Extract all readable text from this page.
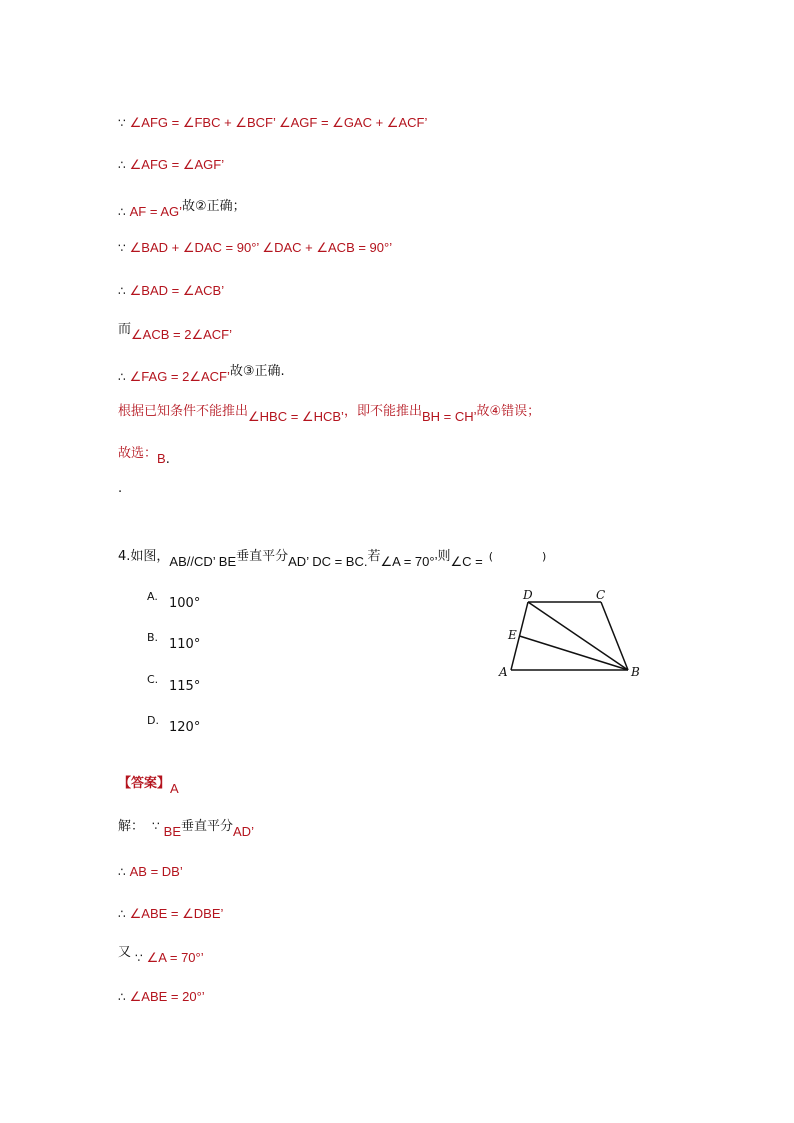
∵ ∠AFG = ∠FBC + ∠BCF’ ∠AGF = ∠GAC + ∠ACF’
∴ ∠AFG = ∠AGF’
∴ AF = AG’故②正确；
∵ ∠BAD + ∠DAC = 90°’ ∠DAC + ∠ACB = 90°’
∴ ∠BAD = ∠ACB’
而∠ACB = 2∠ACF’
∴ ∠FAG = 2∠ACF’故③正确.
根据已知条件不能推出∠HBC = ∠HCB’，即不能推出BH = CH’故④错误；
故选：B.
.
4.如图，AB//CD’ BE垂直平分AD’ DC = BC.若∠A = 70°’则∠C = (              )
A. 100°
B. 110°
C. 115°
D. 120°
D	C
E
A	B
【答案】A
解： ∵ BE垂直平分AD’
∴ AB = DB’
∴ ∠ABE = ∠DBE’
又 ∵ ∠A = 70°’
∴ ∠ABE = 20°’
